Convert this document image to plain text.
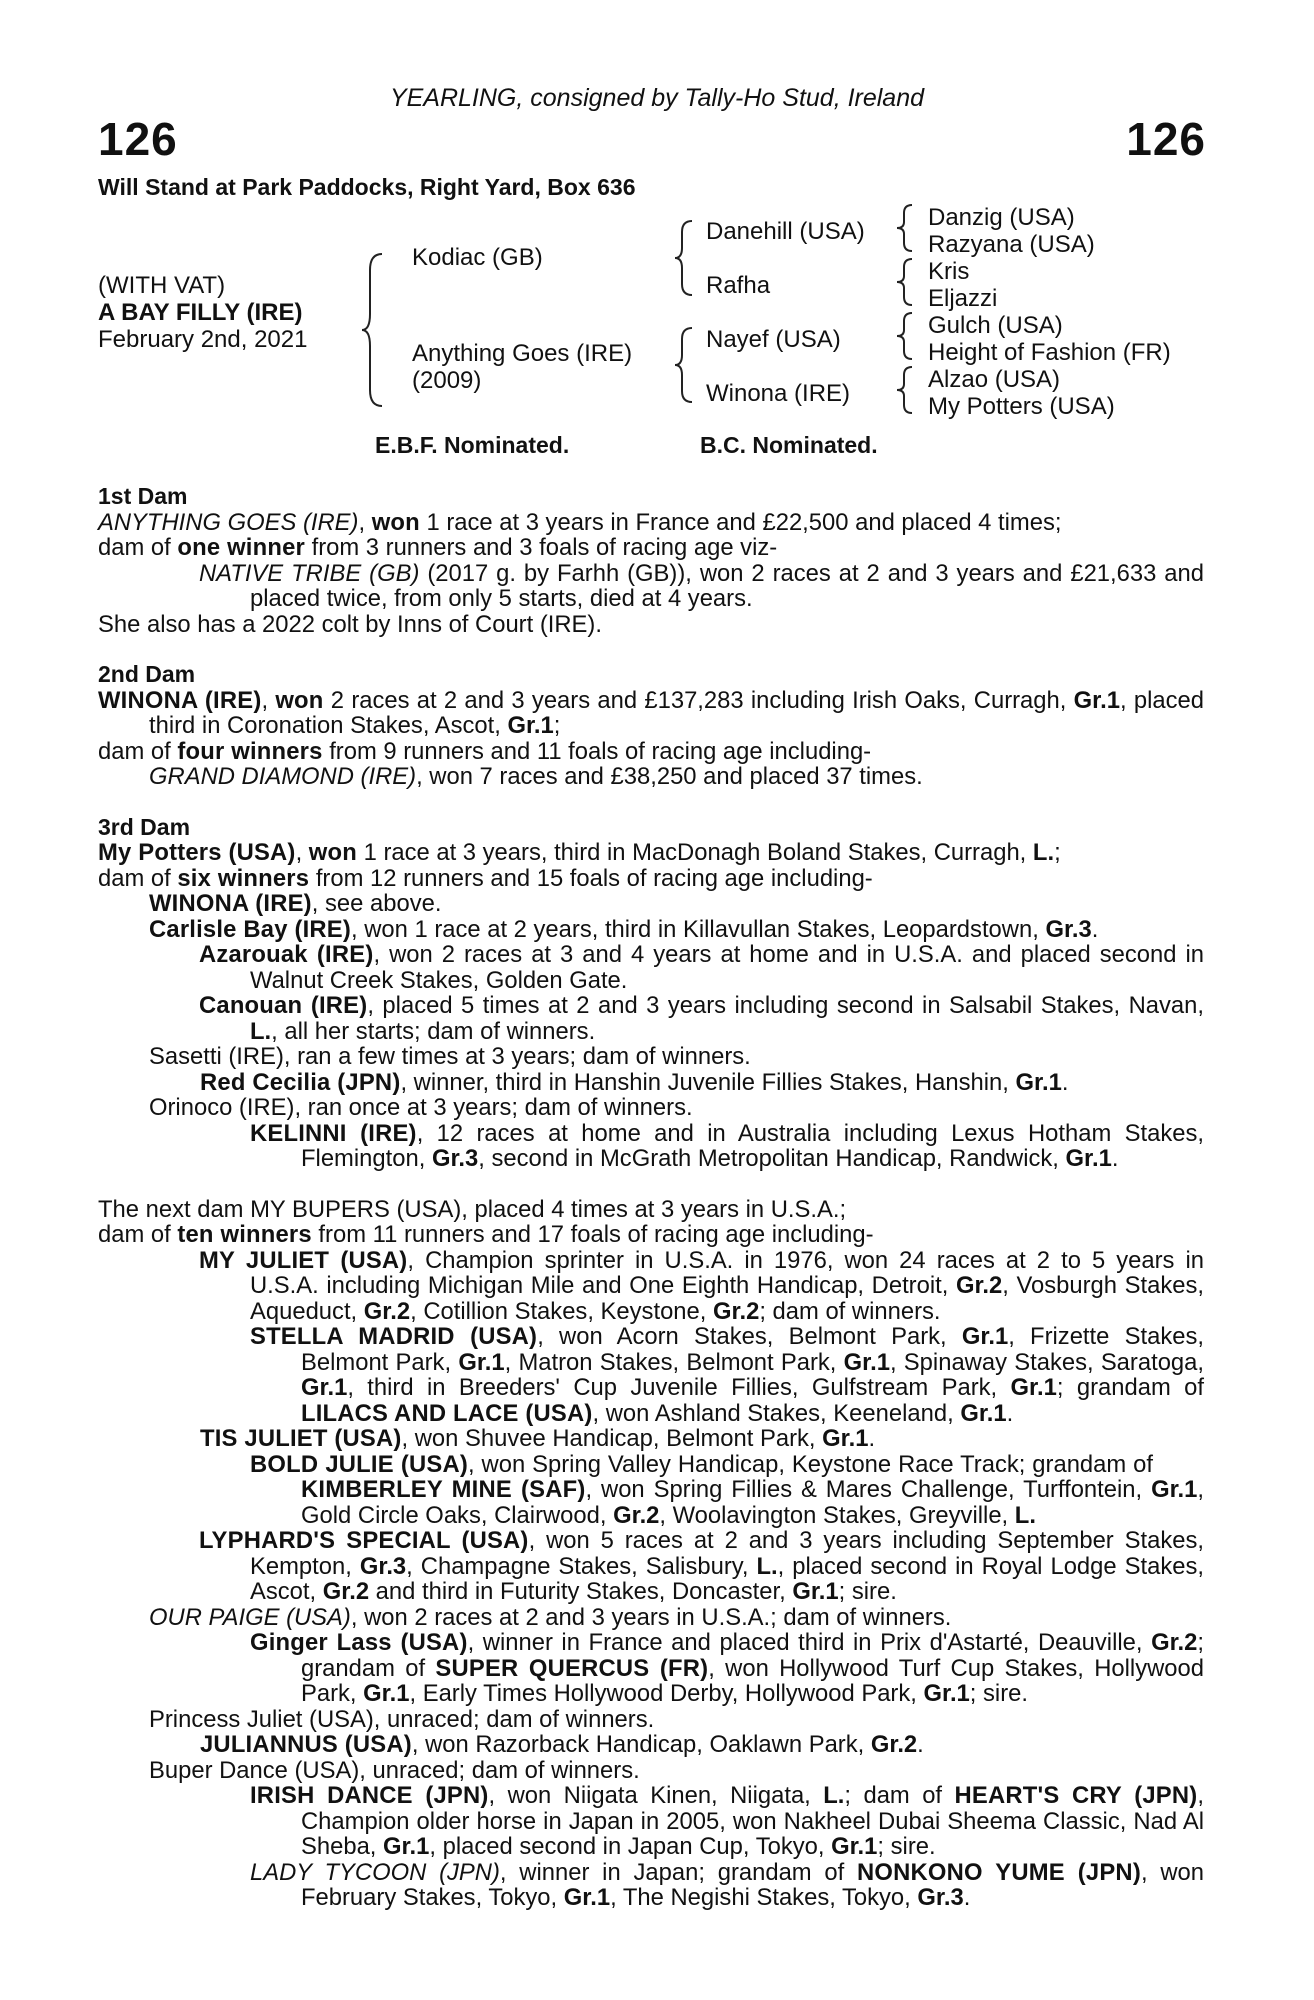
YEARLING, consigned by Tally-Ho Stud, Ireland
126	126
Will Stand at Park Paddocks, Right Yard, Box 636
(WITH VAT)
A BAY FILLY (IRE)
February 2nd, 2021
Kodiac (GB)
Anything Goes (IRE)
(2009)
Danehill (USA)
Rafha
Nayef (USA)
Winona (IRE)
Danzig (USA)
Razyana (USA)
Kris
Eljazzi
Gulch (USA)
Height of Fashion (FR)
Alzao (USA)
My Potters (USA)
E.B.F. Nominated.	B.C. Nominated.

1st Dam

ANYTHING GOES (IRE), won 1 race at 3 years in France and £22,500 and placed 4 times;

dam of one winner from 3 runners and 3 foals of racing age viz-

NATIVE TRIBE (GB) (2017 g. by Farhh (GB)), won 2 races at 2 and 3 years and £21,633 and placed twice, from only 5 starts, died at 4 years.

She also has a 2022 colt by Inns of Court (IRE).

2nd Dam

WINONA (IRE), won 2 races at 2 and 3 years and £137,283 including Irish Oaks, Curragh, Gr.1, placed third in Coronation Stakes, Ascot, Gr.1;

dam of four winners from 9 runners and 11 foals of racing age including-

GRAND DIAMOND (IRE), won 7 races and £38,250 and placed 37 times.

3rd Dam

My Potters (USA), won 1 race at 3 years, third in MacDonagh Boland Stakes, Curragh, L.;

dam of six winners from 12 runners and 15 foals of racing age including-

WINONA (IRE), see above.

Carlisle Bay (IRE), won 1 race at 2 years, third in Killavullan Stakes, Leopardstown, Gr.3.

Azarouak (IRE), won 2 races at 3 and 4 years at home and in U.S.A. and placed second in Walnut Creek Stakes, Golden Gate.

Canouan (IRE), placed 5 times at 2 and 3 years including second in Salsabil Stakes, Navan, L., all her starts; dam of winners.

Sasetti (IRE), ran a few times at 3 years; dam of winners.

Red Cecilia (JPN), winner, third in Hanshin Juvenile Fillies Stakes, Hanshin, Gr.1.

Orinoco (IRE), ran once at 3 years; dam of winners.

KELINNI (IRE), 12 races at home and in Australia including Lexus Hotham Stakes, Flemington, Gr.3, second in McGrath Metropolitan Handicap, Randwick, Gr.1.

The next dam MY BUPERS (USA), placed 4 times at 3 years in U.S.A.;

dam of ten winners from 11 runners and 17 foals of racing age including-

MY JULIET (USA), Champion sprinter in U.S.A. in 1976, won 24 races at 2 to 5 years in U.S.A. including Michigan Mile and One Eighth Handicap, Detroit, Gr.2, Vosburgh Stakes, Aqueduct, Gr.2, Cotillion Stakes, Keystone, Gr.2; dam of winners.

STELLA MADRID (USA), won Acorn Stakes, Belmont Park, Gr.1, Frizette Stakes, Belmont Park, Gr.1, Matron Stakes, Belmont Park, Gr.1, Spinaway Stakes, Saratoga, Gr.1, third in Breeders' Cup Juvenile Fillies, Gulfstream Park, Gr.1; grandam of LILACS AND LACE (USA), won Ashland Stakes, Keeneland, Gr.1.

TIS JULIET (USA), won Shuvee Handicap, Belmont Park, Gr.1.

BOLD JULIE (USA), won Spring Valley Handicap, Keystone Race Track; grandam of KIMBERLEY MINE (SAF), won Spring Fillies & Mares Challenge, Turffontein, Gr.1, Gold Circle Oaks, Clairwood, Gr.2, Woolavington Stakes, Greyville, L.

LYPHARD'S SPECIAL (USA), won 5 races at 2 and 3 years including September Stakes, Kempton, Gr.3, Champagne Stakes, Salisbury, L., placed second in Royal Lodge Stakes, Ascot, Gr.2 and third in Futurity Stakes, Doncaster, Gr.1; sire.

OUR PAIGE (USA), won 2 races at 2 and 3 years in U.S.A.; dam of winners.

Ginger Lass (USA), winner in France and placed third in Prix d'Astarté, Deauville, Gr.2; grandam of SUPER QUERCUS (FR), won Hollywood Turf Cup Stakes, Hollywood Park, Gr.1, Early Times Hollywood Derby, Hollywood Park, Gr.1; sire.

Princess Juliet (USA), unraced; dam of winners.

JULIANNUS (USA), won Razorback Handicap, Oaklawn Park, Gr.2.

Buper Dance (USA), unraced; dam of winners.

IRISH DANCE (JPN), won Niigata Kinen, Niigata, L.; dam of HEART'S CRY (JPN), Champion older horse in Japan in 2005, won Nakheel Dubai Sheema Classic, Nad Al Sheba, Gr.1, placed second in Japan Cup, Tokyo, Gr.1; sire.

LADY TYCOON (JPN), winner in Japan; grandam of NONKONO YUME (JPN), won February Stakes, Tokyo, Gr.1, The Negishi Stakes, Tokyo, Gr.3.
